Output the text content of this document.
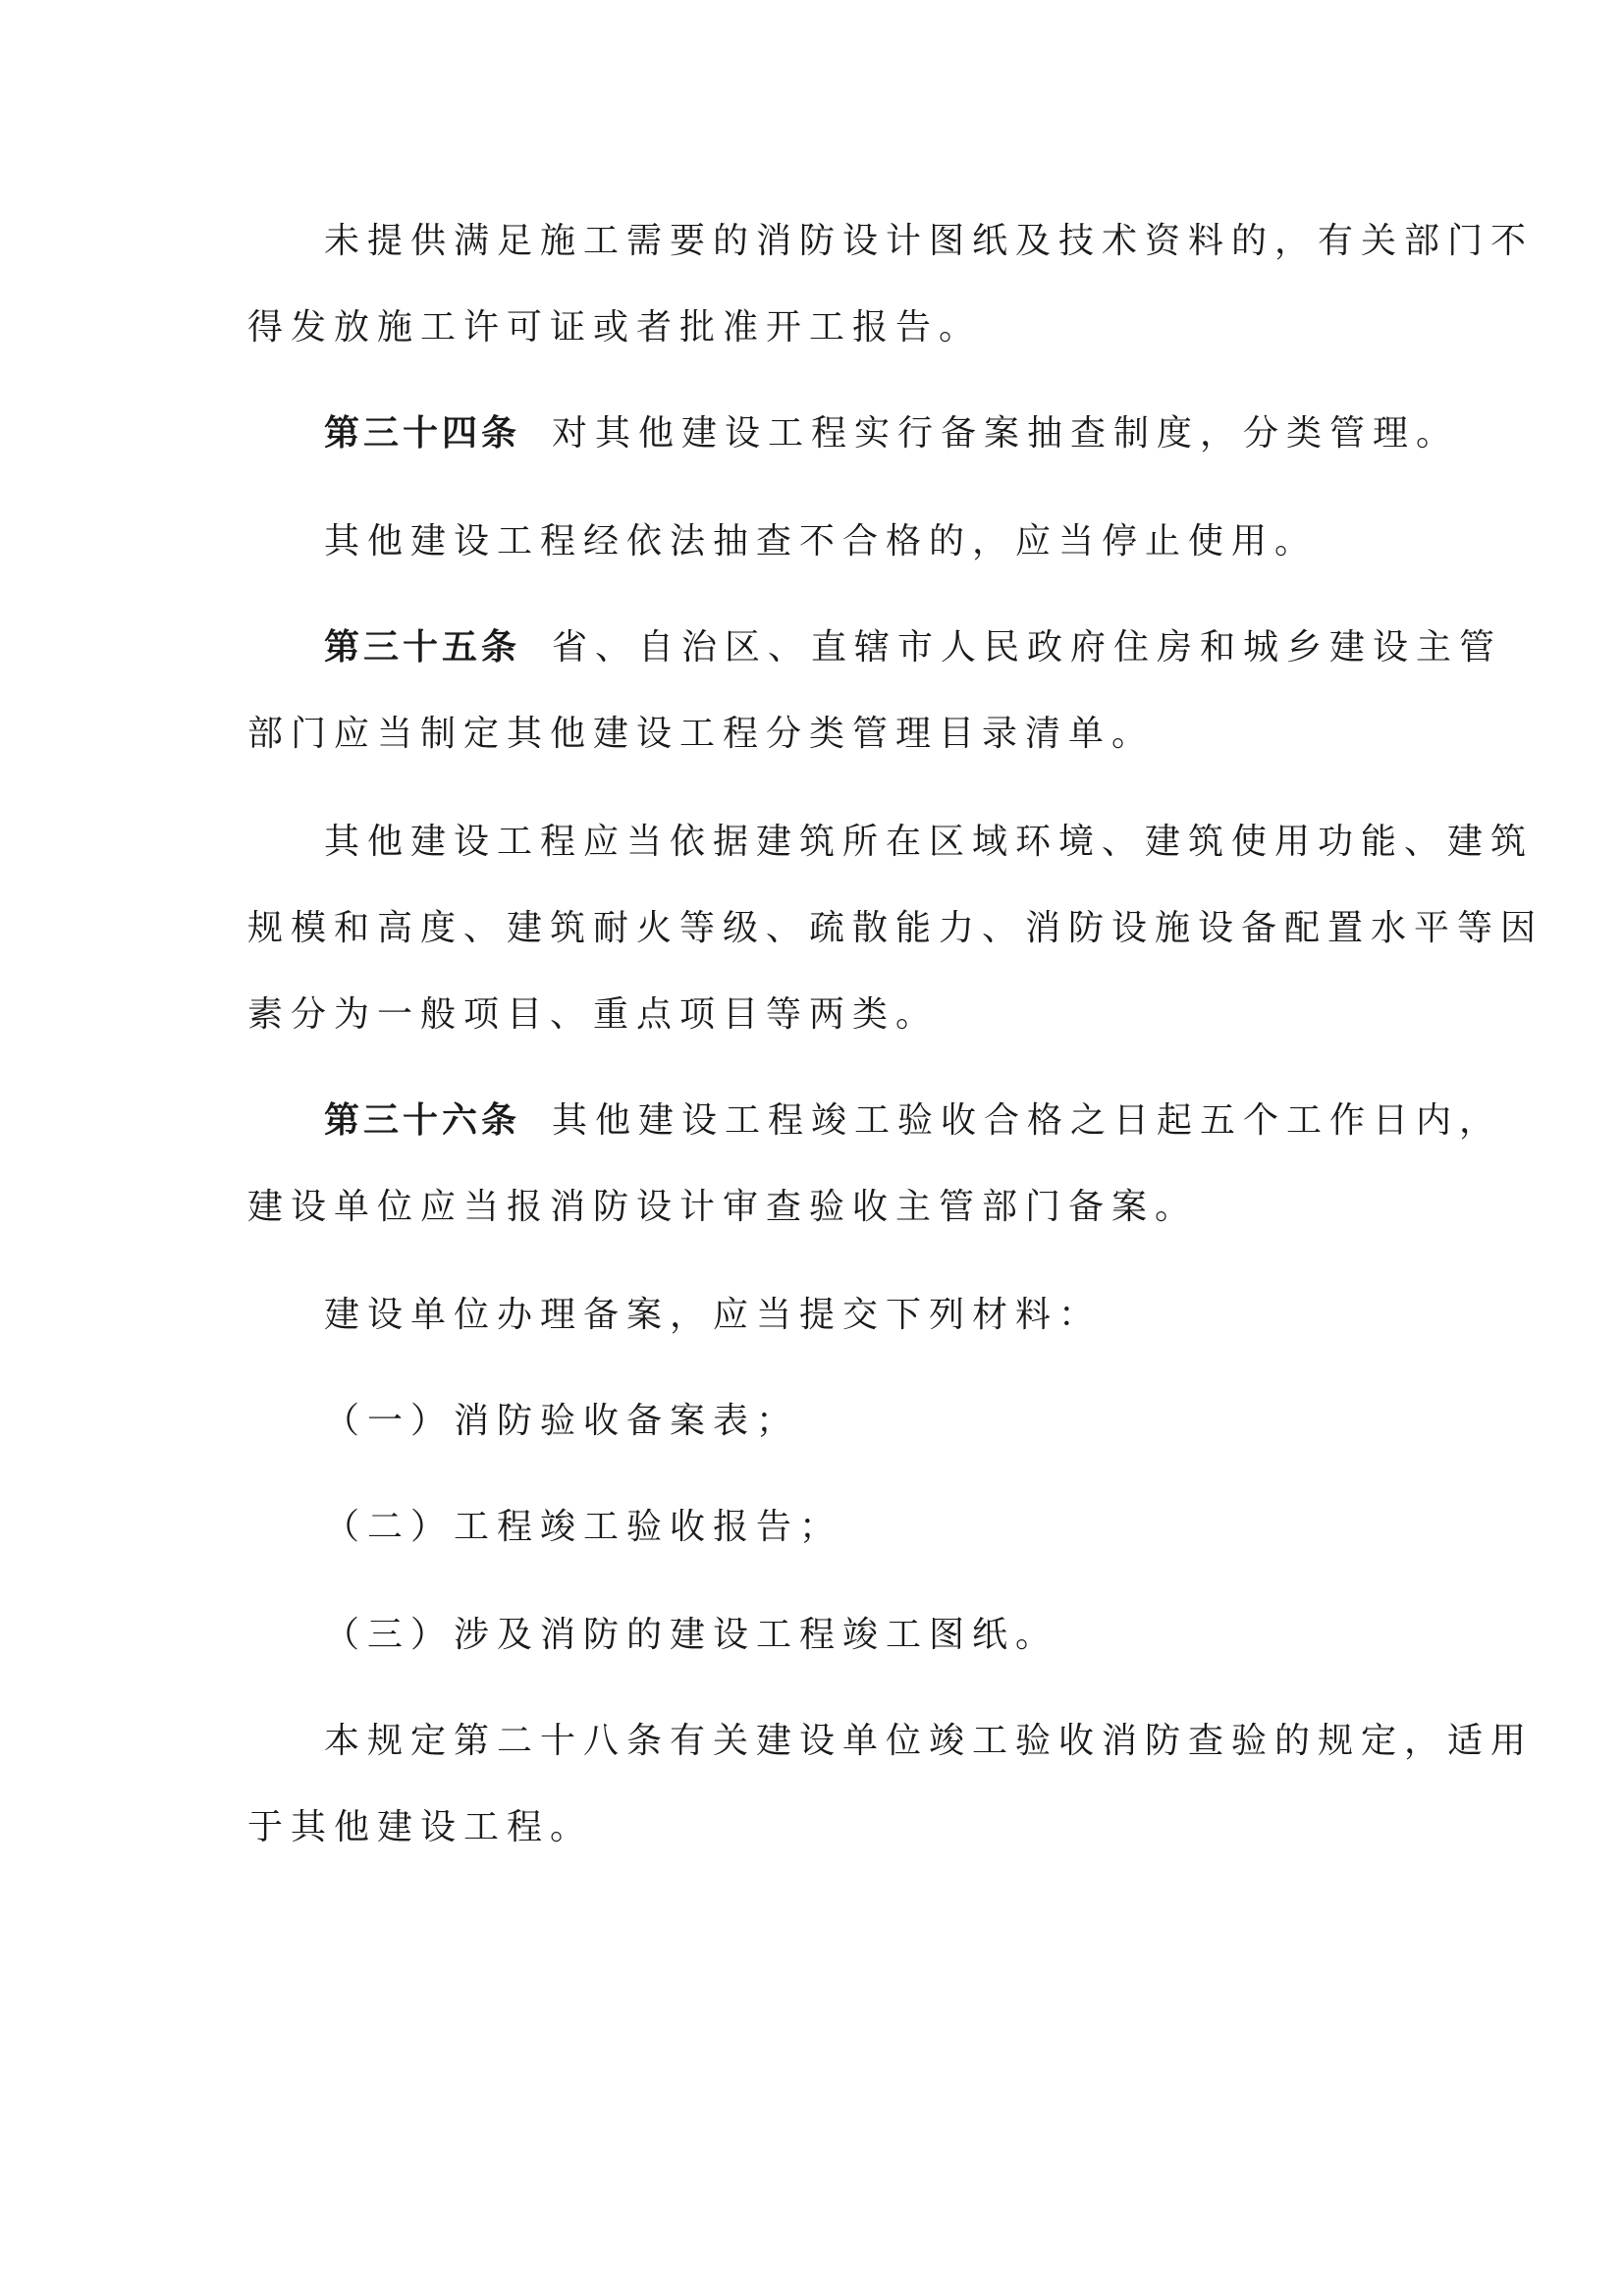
未提供满足施工需要的消防设计图纸及技术资料的，有关部门不
得发放施工许可证或者批准开工报告。
第三十四条 对其他建设工程实行备案抽查制度，分类管理。
其他建设工程经依法抽查不合格的，应当停止使用。
第三十五条 省、自治区、直辖市人民政府住房和城乡建设主管
部门应当制定其他建设工程分类管理目录清单。
其他建设工程应当依据建筑所在区域环境、建筑使用功能、建筑
规模和高度、建筑耐火等级、疏散能力、消防设施设备配置水平等因
素分为一般项目、重点项目等两类。
第三十六条 其他建设工程竣工验收合格之日起五个工作日内，
建设单位应当报消防设计审查验收主管部门备案。
建设单位办理备案，应当提交下列材料：
（一）消防验收备案表；
（二）工程竣工验收报告；
（三）涉及消防的建设工程竣工图纸。
本规定第二十八条有关建设单位竣工验收消防查验的规定，适用
于其他建设工程。
